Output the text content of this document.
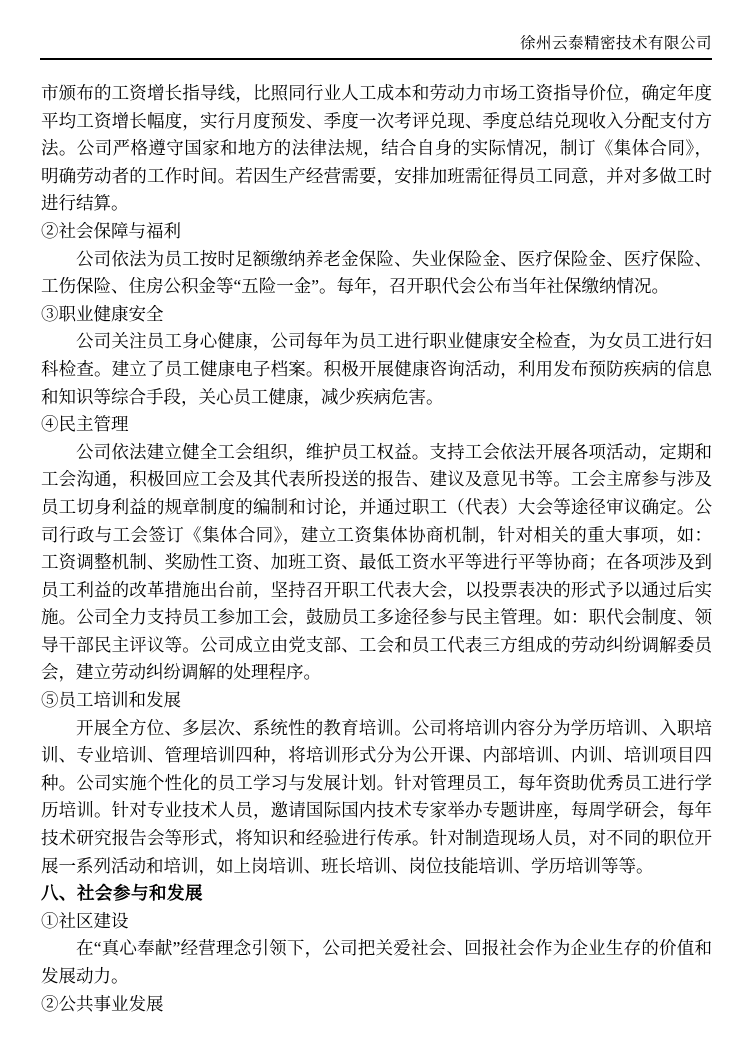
徐州云泰精密技术有限公司

市颁布的工资增长指导线，比照同行业人工成本和劳动力市场工资指导价位，确定年度平均工资增长幅度，实行月度预发、季度一次考评兑现、季度总结兑现收入分配支付方法。公司严格遵守国家和地方的法律法规，结合自身的实际情况，制订《集体合同》，明确劳动者的工作时间。若因生产经营需要，安排加班需征得员工同意，并对多做工时进行结算。

②社会保障与福利

公司依法为员工按时足额缴纳养老金保险、失业保险金、医疗保险金、医疗保险、工伤保险、住房公积金等“五险一金”。每年，召开职代会公布当年社保缴纳情况。

③职业健康安全

公司关注员工身心健康，公司每年为员工进行职业健康安全检查，为女员工进行妇科检查。建立了员工健康电子档案。积极开展健康咨询活动，利用发布预防疾病的信息和知识等综合手段，关心员工健康，减少疾病危害。

④民主管理

公司依法建立健全工会组织，维护员工权益。支持工会依法开展各项活动，定期和工会沟通，积极回应工会及其代表所投送的报告、建议及意见书等。工会主席参与涉及员工切身利益的规章制度的编制和讨论，并通过职工（代表）大会等途径审议确定。公司行政与工会签订《集体合同》，建立工资集体协商机制，针对相关的重大事项，如：工资调整机制、奖励性工资、加班工资、最低工资水平等进行平等协商；在各项涉及到员工利益的改革措施出台前，坚持召开职工代表大会，以投票表决的形式予以通过后实施。公司全力支持员工参加工会，鼓励员工多途径参与民主管理。如：职代会制度、领导干部民主评议等。公司成立由党支部、工会和员工代表三方组成的劳动纠纷调解委员会，建立劳动纠纷调解的处理程序。

⑤员工培训和发展

开展全方位、多层次、系统性的教育培训。公司将培训内容分为学历培训、入职培训、专业培训、管理培训四种，将培训形式分为公开课、内部培训、内训、培训项目四种。公司实施个性化的员工学习与发展计划。针对管理员工，每年资助优秀员工进行学历培训。针对专业技术人员，邀请国际国内技术专家举办专题讲座，每周学研会，每年技术研究报告会等形式，将知识和经验进行传承。针对制造现场人员，对不同的职位开展一系列活动和培训，如上岗培训、班长培训、岗位技能培训、学历培训等等。

八、社会参与和发展

①社区建设

在“真心奉献”经营理念引领下，公司把关爱社会、回报社会作为企业生存的价值和发展动力。

②公共事业发展
